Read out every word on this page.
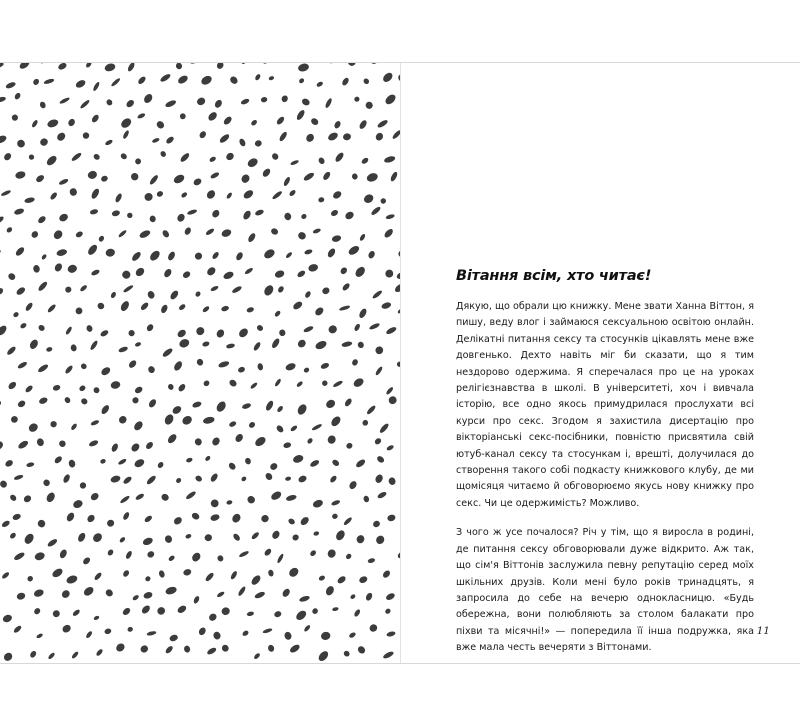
Вітання всім, хто читає!

Дякую, що обрали цю книжку. Мене звати Ханна Віттон, я пишу, веду влог і займаюся сексуальною освітою онлайн. Делікатні питання сексу та стосунків цікавлять мене вже довгенько. Дехто навіть міг би сказати, що я тим нездорово одержима. Я сперечалася про це на уроках релігієзнавства в школі. В університеті, хоч і вивчала історію, все одно якось примудрилася прослухати всі курси про секс. Згодом я захистила дисертацію про вікторіанські секс-посібники, повністю присвятила свій ютуб-канал сексу та стосункам і, врешті, долучилася до створення такого собі подкасту книжкового клубу, де ми щомісяця читаємо й обговорюємо якусь нову книжку про секс. Чи це одержимість? Можливо.

З чого ж усе почалося? Річ у тім, що я виросла в родині, де питання сексу обговорювали дуже відкрито. Аж так, що сім'я Віттонів заслужила певну репутацію серед моїх шкільних друзів. Коли мені було років тринадцять, я запросила до себе на вечерю однокласницю. «Будь обережна, вони полюбляють за столом балакати про піхви та місячні!» — попередила її інша подружка, яка вже мала честь вечеряти з Віттонами.

11
